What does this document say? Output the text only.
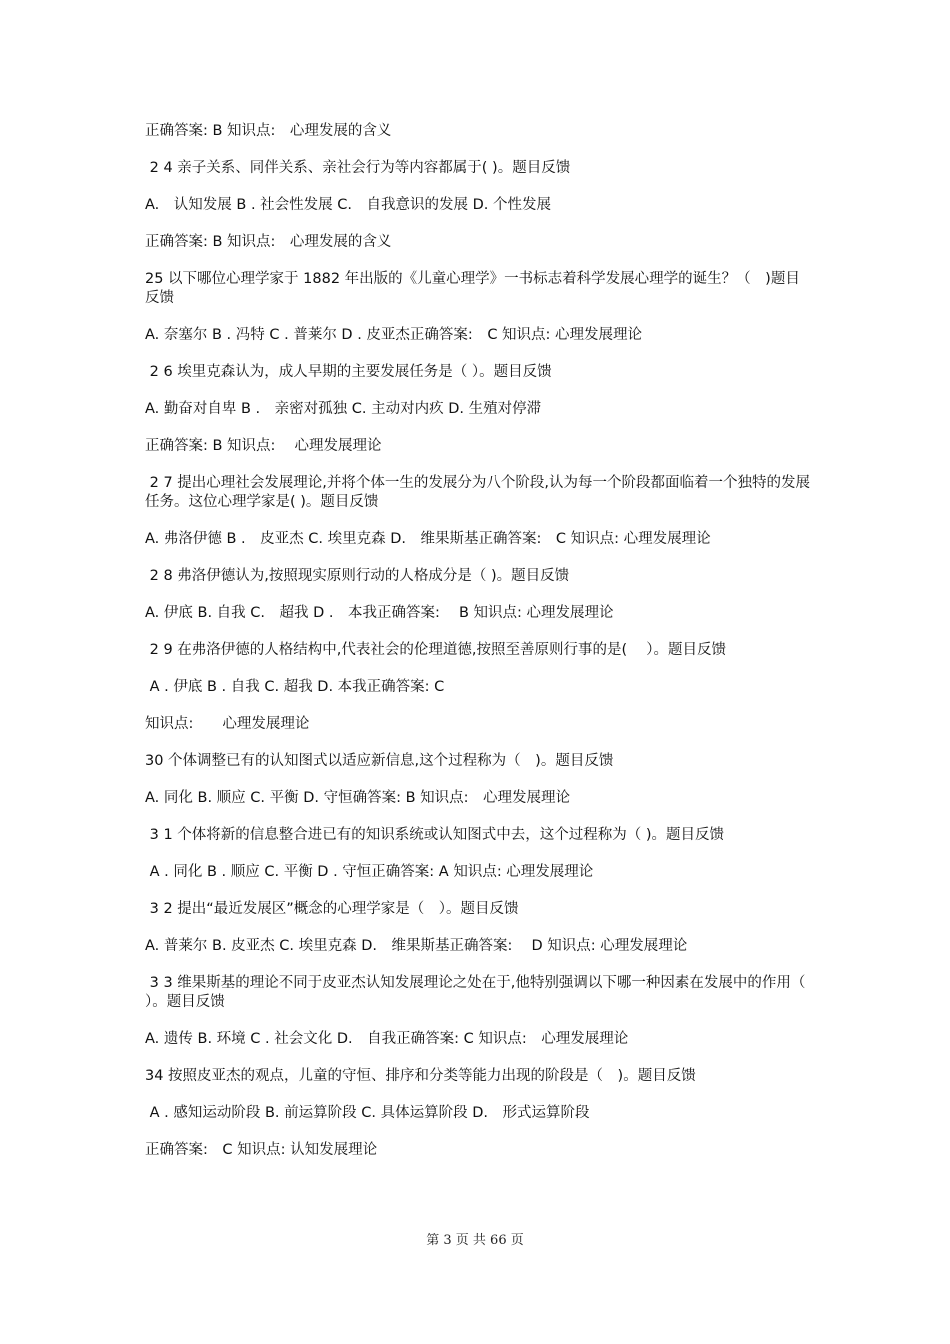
正确答案: B 知识点:　心理发展的含义

2 4 亲子关系、同伴关系、亲社会行为等内容都属于( )。题目反馈

A.　认知发展 B . 社会性发展 C.　自我意识的发展 D. 个性发展

正确答案: B 知识点:　心理发展的含义

25 以下哪位心理学家于 1882 年出版的《儿童心理学》一书标志着科学发展心理学的诞生？（　)题目反馈

A. 奈塞尔 B . 冯特 C . 普莱尔 D . 皮亚杰正确答案:　C 知识点: 心理发展理论

2 6 埃里克森认为，成人早期的主要发展任务是（ ）。题目反馈

A. 勤奋对自卑 B .　亲密对孤独 C. 主动对内疚 D. 生殖对停滞

正确答案: B 知识点:　 心理发展理论

2 7 提出心理社会发展理论,并将个体一生的发展分为八个阶段,认为每一个阶段都面临着一个独特的发展任务。这位心理学家是( )。题目反馈

A. 弗洛伊德 B .　皮亚杰 C. 埃里克森 D.　维果斯基正确答案:　C 知识点: 心理发展理论

2 8 弗洛伊德认为,按照现实原则行动的人格成分是（ )。题目反馈

A. 伊底 B. 自我 C.　超我 D .　本我正确答案:　 B 知识点: 心理发展理论

2 9 在弗洛伊德的人格结构中,代表社会的伦理道德,按照至善原则行事的是(　 ）。题目反馈

A . 伊底 B . 自我 C. 超我 D. 本我正确答案: C

知识点:　　心理发展理论

30 个体调整已有的认知图式以适应新信息,这个过程称为（　)。题目反馈

A. 同化 B. 顺应 C. 平衡 D. 守恒确答案: B 知识点:　心理发展理论

3 1 个体将新的信息整合进已有的知识系统或认知图式中去，这个过程称为（ )。题目反馈

A . 同化 B . 顺应 C. 平衡 D . 守恒正确答案: A 知识点: 心理发展理论

3 2 提出“最近发展区”概念的心理学家是（　）。题目反馈

A. 普莱尔 B. 皮亚杰 C. 埃里克森 D.　维果斯基正确答案:　 D 知识点: 心理发展理论

3 3 维果斯基的理论不同于皮亚杰认知发展理论之处在于,他特别强调以下哪一种因素在发展中的作用（ ）。题目反馈

A. 遗传 B. 环境 C . 社会文化 D.　自我正确答案: C 知识点:　心理发展理论

34 按照皮亚杰的观点，儿童的守恒、排序和分类等能力出现的阶段是（　)。题目反馈

A . 感知运动阶段 B. 前运算阶段 C. 具体运算阶段 D.　形式运算阶段

正确答案:　C 知识点: 认知发展理论

第 3 页 共 66 页
